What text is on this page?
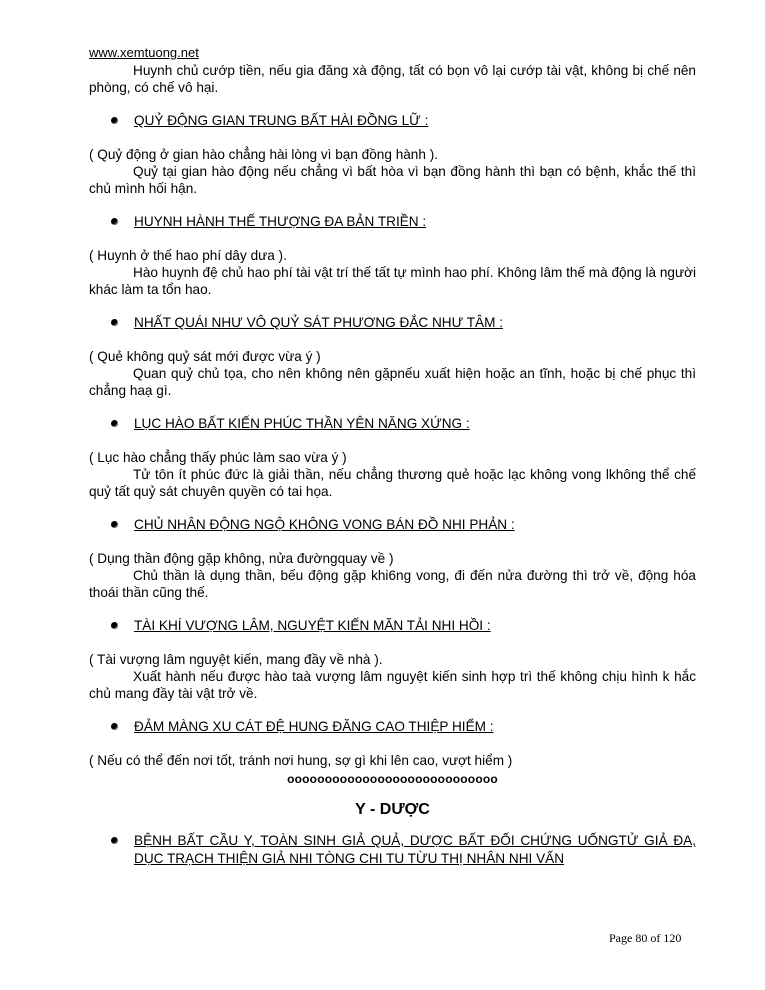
www.xemtuong.net

Huynh chủ cướp tiền, nếu gia đăng xà động, tất có bọn vô lại cướp tài vật, không bị chế nên phòng, có chế vô hại.

QUỶ ĐỘNG GIAN TRUNG BẤT HÀI ĐỒNG LỮ :

( Quỷ động ở gian hào chẳng hài lòng vì bạn đồng hành ).

Quỷ tại gian hào động nếu chẳng vì bất hòa vì bạn đồng hành thì bạn có bệnh, khắc thế thì chủ mình hối hận.

HUYNH HÀNH THẾ THƯỢNG ĐA BẢN TRIỀN :

( Huynh ở thế hao phí dây dưa ).

Hào huynh đệ chủ hao phí tài vật trí thế tất tự mình hao phí. Không lâm thế mà động là người khác làm ta tổn hao.

NHẤT QUÁI NHƯ VÔ QUỶ SÁT PHƯƠNG ĐẮC NHƯ TÂM :

( Quẻ không quỷ sát mới được vừa ý )

Quan quỷ chủ tọa, cho nên không nên gặpnếu xuất hiện hoặc an tĩnh, hoặc bị chế phục thì chẳng haạ gì.

LỤC HÀO BẤT KIẾN PHÚC THẦN YÊN NĂNG XỨNG :

( Lục hào chẳng thấy phúc làm sao vừa ý )

Tử tôn ít phúc đức là giải thần, nếu chẳng thương quẻ hoặc lạc không vong lkhông thể chế quỷ tất quỷ sát chuyên quyền có tai họa.

CHỦ NHÂN ĐỘNG NGỘ KHÔNG VONG BÁN ĐỒ NHI PHẢN :

( Dụng thần động gặp không, nửa đườngquay về )

Chủ thần là dụng thần, bếu động gặp khi6ng vong, đi đến nửa đường thì trở về, động hóa thoái thần cũng thế.

TÀI KHÍ VƯỢNG LÂM, NGUYỆT KIẾN MÃN TẢI NHI HỒI :

( Tài vượng lâm nguyệt kiến, mang đầy về nhà ).

Xuất hành nếu được hào taà vượng lâm nguyệt kiến sinh hợp trì thế không chịu hình k hắc chủ mang đầy tài vật trở về.

ĐẢM MÀNG XU CÁT ĐỆ HUNG ĐĂNG CAO THIỆP HIỂM :

( Nếu có thể đến nơi tốt, tránh nơi hung, sợ gì khi lên cao, vượt hiểm )

oooooooooooooooooooooooooooo

Y - DƯỢC

BỆNH BẤT CẦU Y, TOÀN SINH GIẢ QUẢ, DƯỢC BẤT ĐỐI CHỨNG UỐNGTỬ GIẢ ĐA, DỤC TRẠCH THIỆN GIẢ NHI TÒNG CHI TU TỪU THỊ NHÂN NHI VẤN

Page 80 of 120
